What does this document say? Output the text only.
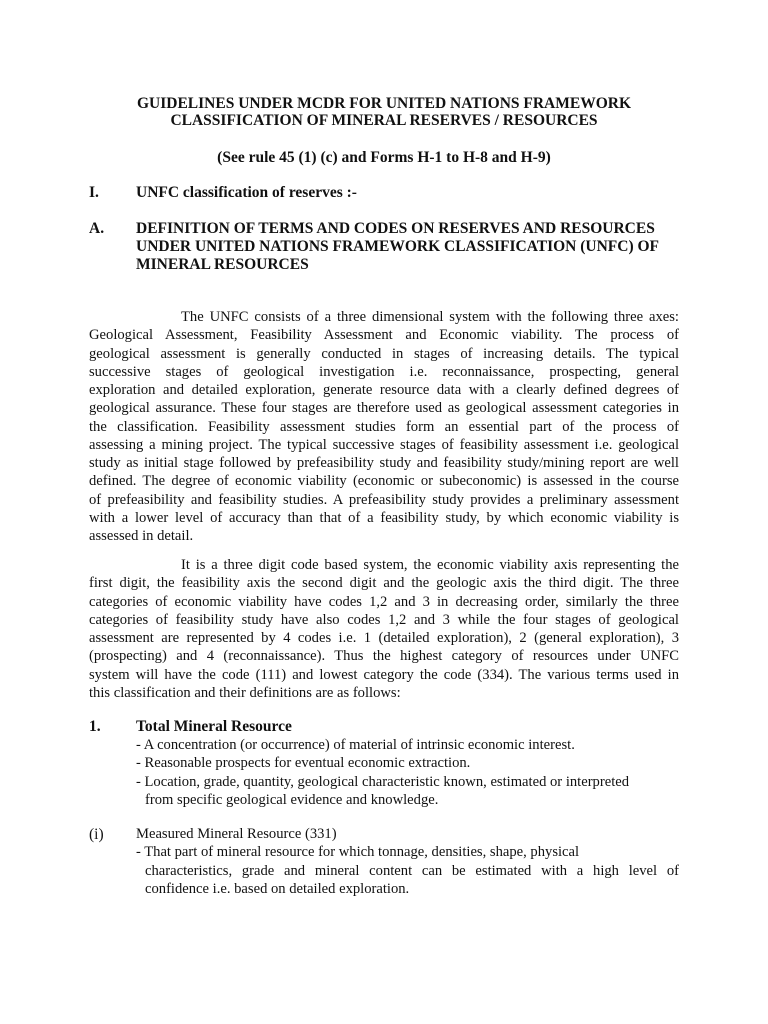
GUIDELINES UNDER MCDR FOR UNITED NATIONS FRAMEWORK
CLASSIFICATION OF MINERAL RESERVES / RESOURCES
(See rule 45 (1) (c) and Forms H-1 to H-8 and H-9)
I. UNFC classification of reserves :-
A. DEFINITION OF TERMS AND CODES ON RESERVES AND RESOURCES
UNDER UNITED NATIONS FRAMEWORK CLASSIFICATION (UNFC) OF
MINERAL RESOURCES
The UNFC consists of a three dimensional system with the following three axes:
Geological Assessment, Feasibility Assessment and Economic viability. The process of
geological assessment is generally conducted in stages of increasing details. The typical
successive stages of geological investigation i.e. reconnaissance, prospecting, general
exploration and detailed exploration, generate resource data with a clearly defined degrees of
geological assurance. These four stages are therefore used as geological assessment categories in
the classification. Feasibility assessment studies form an essential part of the process of
assessing a mining project. The typical successive stages of feasibility assessment i.e. geological
study as initial stage followed by prefeasibility study and feasibility study/mining report are well
defined. The degree of economic viability (economic or subeconomic) is assessed in the course
of prefeasibility and feasibility studies. A prefeasibility study provides a preliminary assessment
with a lower level of accuracy than that of a feasibility study, by which economic viability is
assessed in detail.
It is a three digit code based system, the economic viability axis representing the
first digit, the feasibility axis the second digit and the geologic axis the third digit. The three
categories of economic viability have codes 1,2 and 3 in decreasing order, similarly the three
categories of feasibility study have also codes 1,2 and 3 while the four stages of geological
assessment are represented by 4 codes i.e. 1 (detailed exploration), 2 (general exploration), 3
(prospecting) and 4 (reconnaissance). Thus the highest category of resources under UNFC
system will have the code (111) and lowest category the code (334). The various terms used in
this classification and their definitions are as follows:
1. Total Mineral Resource
- A concentration (or occurrence) of material of intrinsic economic interest.
- Reasonable prospects for eventual economic extraction.
- Location, grade, quantity, geological characteristic known, estimated or interpreted
from specific geological evidence and knowledge.
(i) Measured Mineral Resource (331)
- That part of mineral resource for which tonnage, densities, shape, physical
characteristics, grade and mineral content can be estimated with a high level of
confidence i.e. based on detailed exploration.
